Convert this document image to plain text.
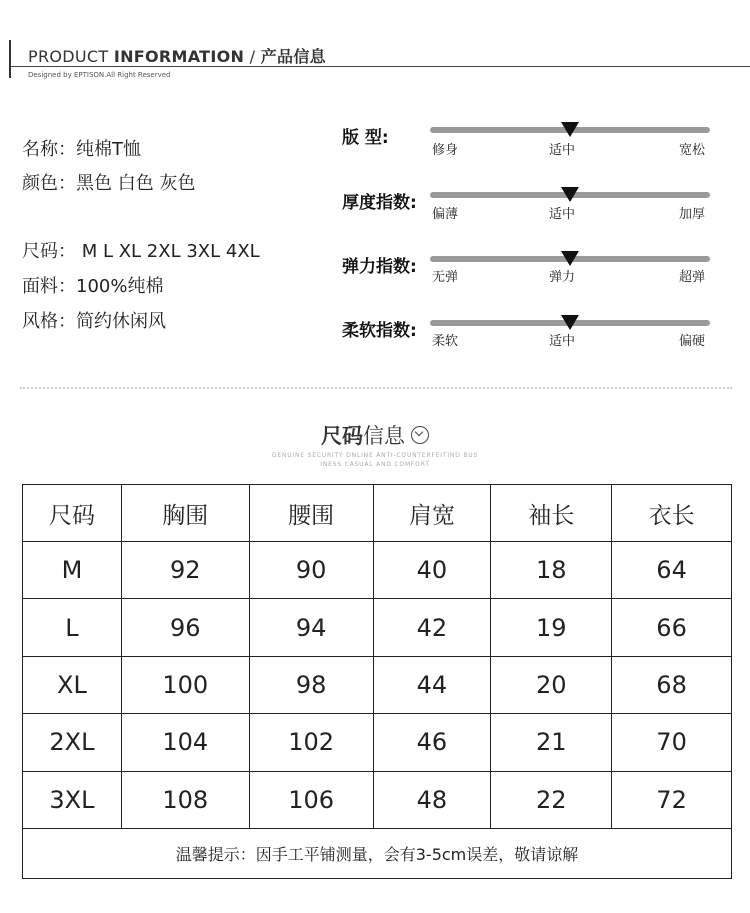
PRODUCT INFORMATION / 产品信息
Designed by EPTISON.All Right Reserved
名称：纯棉T恤
颜色：黑色 白色 灰色
尺码： M L XL 2XL 3XL 4XL
面料：100%纯棉
风格：简约休闲风
版 型:
修身	适中	宽松
厚度指数:
偏薄	适中	加厚
弹力指数:
无弹	弹力	超弹
柔软指数:
柔软	适中	偏硬
尺码信息
GENUINE SECURITY ONLINE ANTI-COUNTERFEITING BUS
INESS CASUAL AND COMFORT
尺码	胸围	腰围	肩宽	袖长	衣长
M	92	90	40	18	64
L	96	94	42	19	66
XL	100	98	44	20	68
2XL	104	102	46	21	70
3XL	108	106	48	22	72
温馨提示：因手工平铺测量，会有3-5cm误差，敬请谅解					
